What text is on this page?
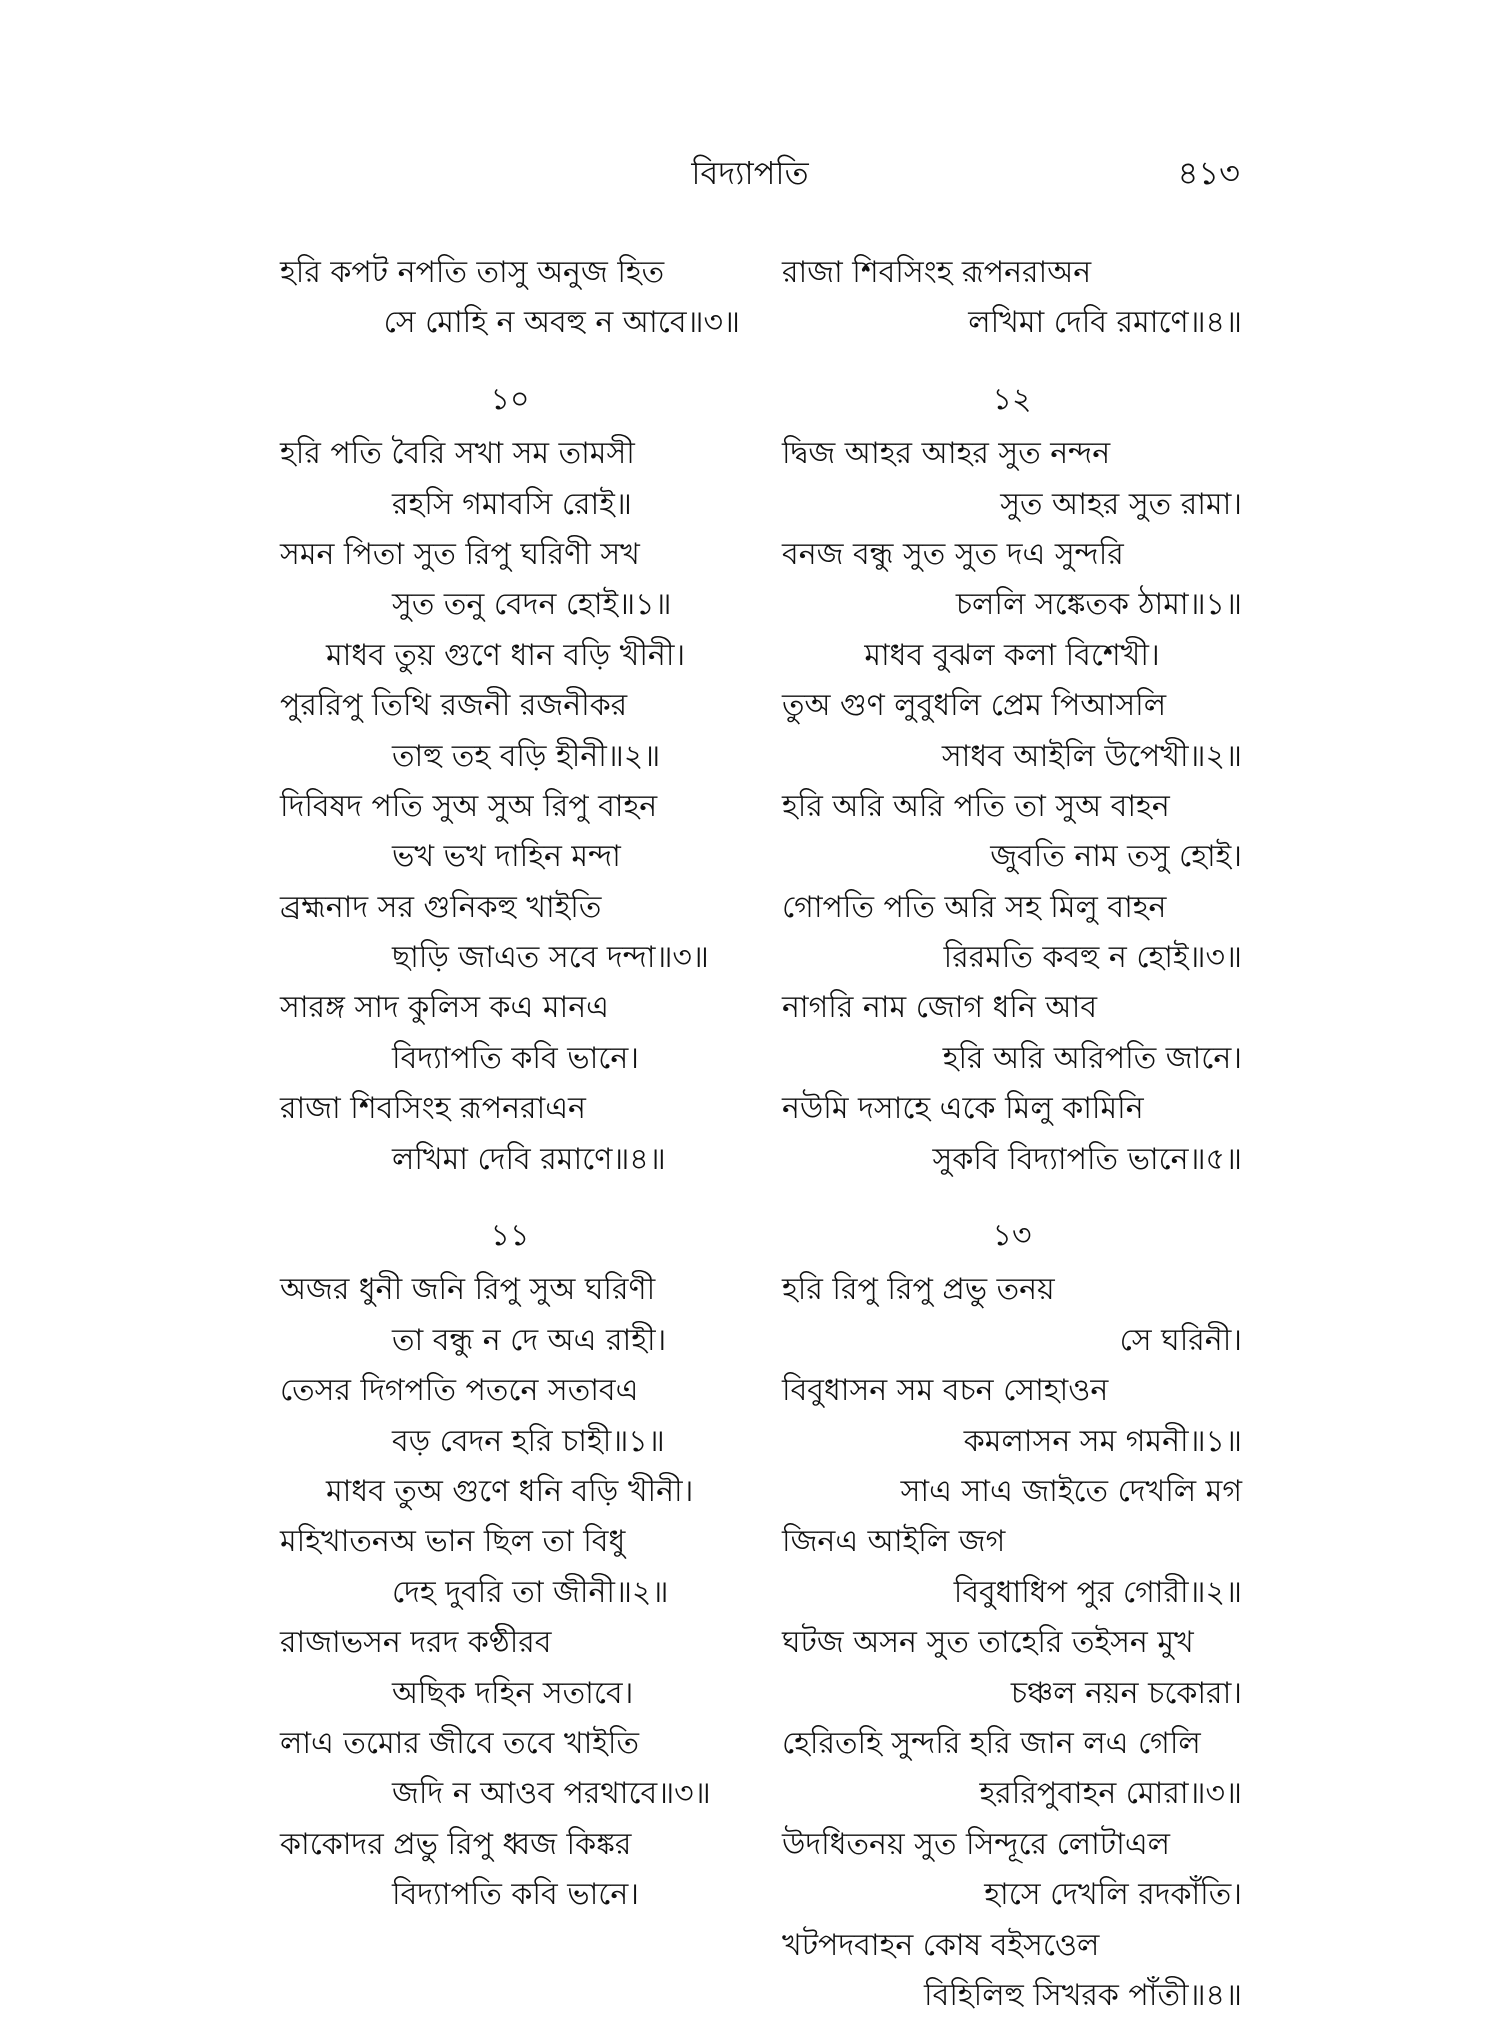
বিদ্যাপতি	৪১৩
হরি কপট নপতি তাসু অনুজ হিত
সে মোহি ন অবহু ন আবে॥৩॥
১০
হরি পতি বৈরি সখা সম তামসী
রহসি গমাবসি রোই॥
সমন পিতা সুত রিপু ঘরিণী সখ
সুত তনু বেদন হোই॥১॥
মাধব তুয় গুণে ধান বড়ি খীনী।
পুররিপু তিথি রজনী রজনীকর
তাহু তহ বড়ি হীনী॥২॥
দিবিষদ পতি সুঅ সুঅ রিপু বাহন
ভখ ভখ দাহিন মন্দা
ব্রহ্মনাদ সর গুনিকহু খাইতি
ছাড়ি জাএত সবে দন্দা॥৩॥
সারঙ্গ সাদ কুলিস কএ মানএ
বিদ্যাপতি কবি ভানে।
রাজা শিবসিংহ রূপনরাএন
লখিমা দেবি রমাণে॥৪॥
১১
অজর ধুনী জনি রিপু সুঅ ঘরিণী
তা বন্ধু ন দে অএ রাহী।
তেসর দিগপতি পতনে সতাবএ
বড় বেদন হরি চাহী॥১॥
মাধব তুঅ গুণে ধনি বড়ি খীনী।
মহিখাতনঅ ভান ছিল তা বিধু
দেহ দুবরি তা জীনী॥২॥
রাজাভসন দরদ কণ্ঠীরব
অছিক দহিন সতাবে।
লাএ তমোর জীবে তবে খাইতি
জদি ন আওব পরথাবে॥৩॥
কাকোদর প্রভু রিপু ধ্বজ কিঙ্কর
বিদ্যাপতি কবি ভানে।
রাজা শিবসিংহ রূপনরাঅন
লখিমা দেবি রমাণে॥৪॥
১২
দ্বিজ আহর আহর সুত নন্দন
সুত আহর সুত রামা।
বনজ বন্ধু সুত সুত দএ সুন্দরি
চললি সঙ্কেতক ঠামা॥১॥
মাধব বুঝল কলা বিশেখী।
তুঅ গুণ লুবুধলি প্রেম পিআসলি
সাধব আইলি উপেখী॥২॥
হরি অরি অরি পতি তা সুঅ বাহন
জুবতি নাম তসু হোই।
গোপতি পতি অরি সহ মিলু বাহন
রিরমতি কবহু ন হোই॥৩॥
নাগরি নাম জোগ ধনি আব
হরি অরি অরিপতি জানে।
নউমি দসাহে একে মিলু কামিনি
সুকবি বিদ্যাপতি ভানে॥৫॥
১৩
হরি রিপু রিপু প্রভু তনয়
সে ঘরিনী।
বিবুধাসন সম বচন সোহাওন
কমলাসন সম গমনী॥১॥
সাএ সাএ জাইতে দেখলি মগ
জিনএ আইলি জগ
বিবুধাধিপ পুর গোরী॥২॥
ঘটজ অসন সুত তাহেরি তইসন মুখ
চঞ্চল নয়ন চকোরা।
হেরিতহি সুন্দরি হরি জান লএ গেলি
হররিপুবাহন মোরা॥৩॥
উদধিতনয় সুত সিন্দূরে লোটাএল
হাসে দেখলি রদকাঁতি।
খটপদবাহন কোষ বইসওেল
বিহিলিহু সিখরক পাঁতী॥৪॥
